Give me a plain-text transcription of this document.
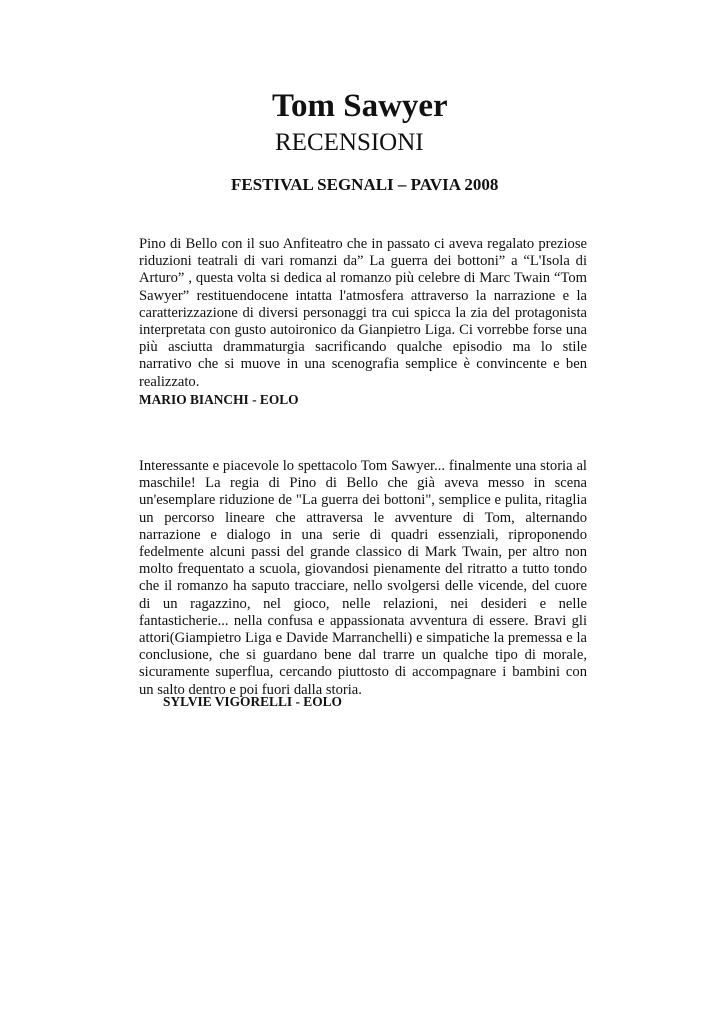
Tom Sawyer
RECENSIONI
FESTIVAL SEGNALI – PAVIA 2008

Pino di Bello con il suo Anfiteatro che in passato ci aveva regalato preziose riduzioni teatrali di vari romanzi da” La guerra dei bottoni” a “L'Isola di Arturo” , questa volta si dedica al romanzo più celebre di Marc Twain “Tom Sawyer” restituendocene intatta l'atmosfera attraverso la narrazione e la caratterizzazione di diversi personaggi tra cui spicca la zia del protagonista interpretata con gusto autoironico da Gianpietro Liga. Ci vorrebbe forse una più asciutta drammaturgia sacrificando qualche episodio ma lo stile narrativo che si muove in una scenografia semplice è convincente e ben realizzato.

MARIO BIANCHI - EOLO

Interessante e piacevole lo spettacolo Tom Sawyer... finalmente una storia al maschile! La regia di Pino di Bello che già aveva messo in scena un'esemplare riduzione de "La guerra dei bottoni", semplice e pulita, ritaglia un percorso lineare che attraversa le avventure di Tom, alternando narrazione e dialogo in una serie di quadri essenziali, riproponendo fedelmente alcuni passi del grande classico di Mark Twain, per altro non molto frequentato a scuola, giovandosi pienamente del ritratto a tutto tondo che il romanzo ha saputo tracciare, nello svolgersi delle vicende, del cuore di un ragazzino, nel gioco, nelle relazioni, nei desideri e nelle fantasticherie... nella confusa e appassionata avventura di essere. Bravi gli attori(Giampietro Liga e Davide Marranchelli) e simpatiche la premessa e la conclusione, che si guardano bene dal trarre un qualche tipo di morale, sicuramente superflua, cercando piuttosto di accompagnare i bambini con un salto dentro e poi fuori dalla storia.

SYLVIE VIGORELLI - EOLO
